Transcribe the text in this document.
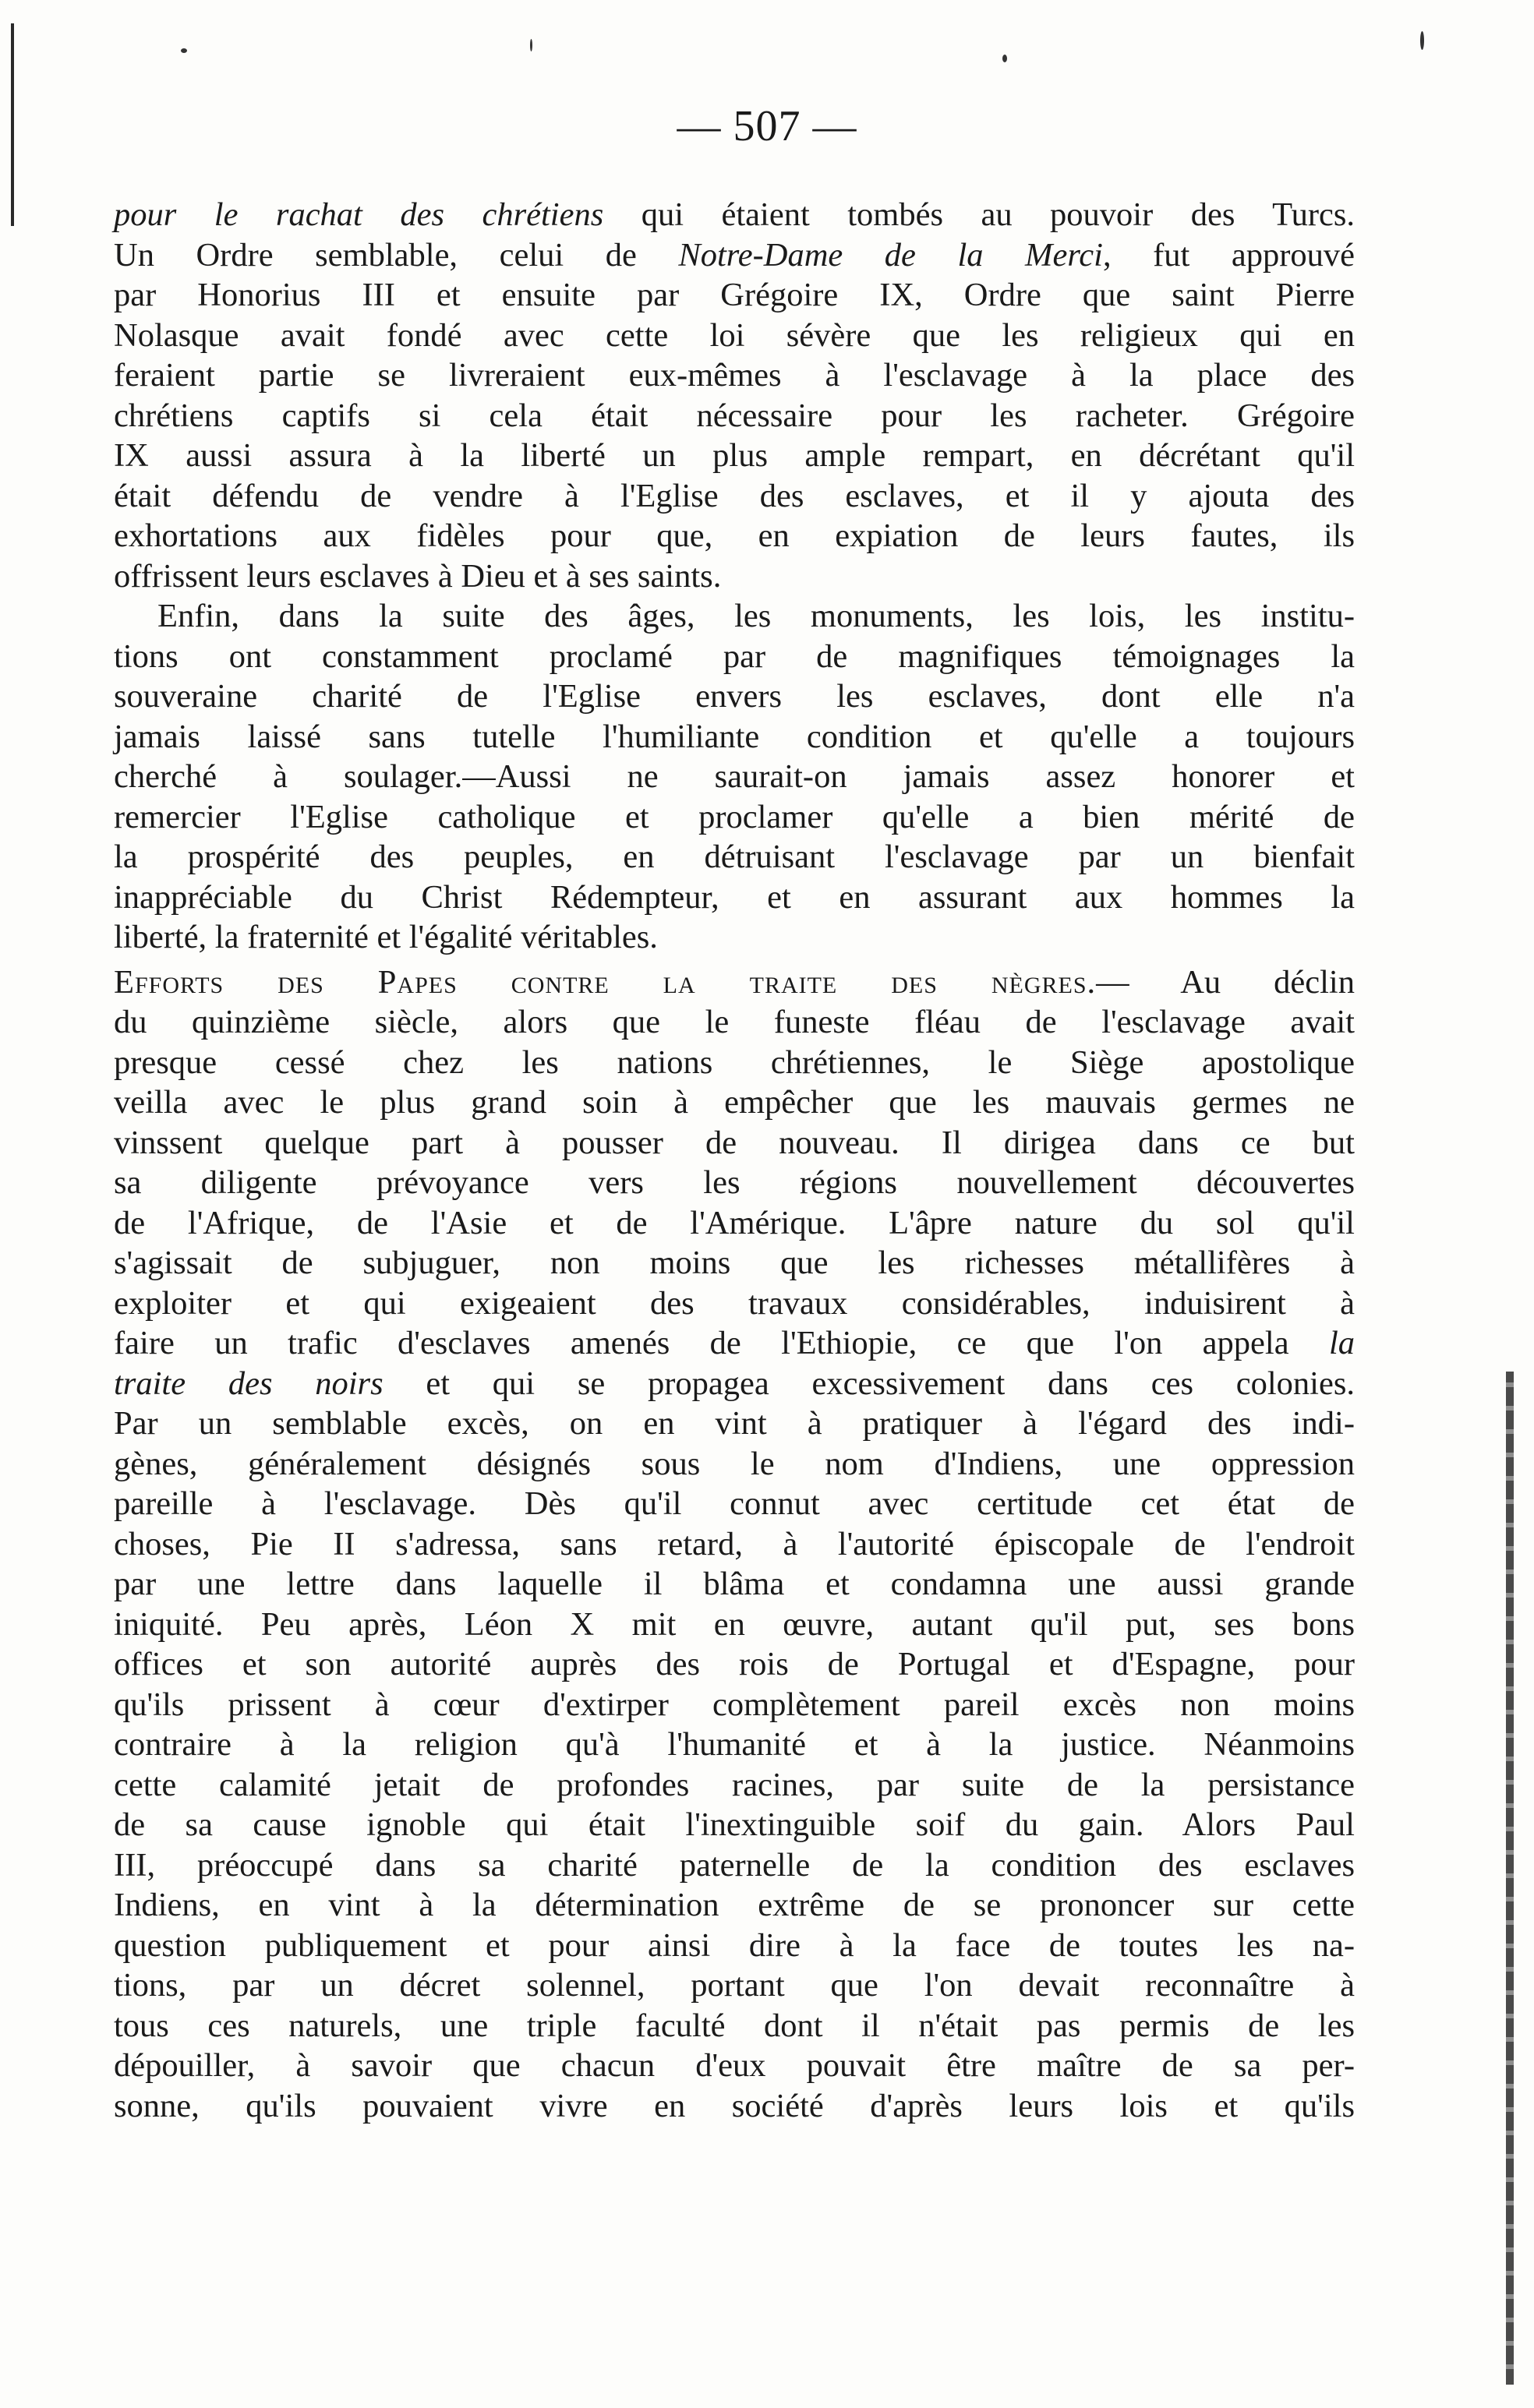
— 507 —

pour le rachat des chrétiens qui étaient tombés au pouvoir des Turcs.
Un Ordre semblable, celui de Notre-Dame de la Merci, fut approuvé
par Honorius III et ensuite par Grégoire IX, Ordre que saint Pierre
Nolasque avait fondé avec cette loi sévère que les religieux qui en
feraient partie se livreraient eux-mêmes à l'esclavage à la place des
chrétiens captifs si cela était nécessaire pour les racheter. Grégoire
IX aussi assura à la liberté un plus ample rempart, en décrétant qu'il
était défendu de vendre à l'Eglise des esclaves, et il y ajouta des
exhortations aux fidèles pour que, en expiation de leurs fautes, ils
offrissent leurs esclaves à Dieu et à ses saints.

Enfin, dans la suite des âges, les monuments, les lois, les institu-
tions ont constamment proclamé par de magnifiques témoignages la
souveraine charité de l'Eglise envers les esclaves, dont elle n'a
jamais laissé sans tutelle l'humiliante condition et qu'elle a toujours
cherché à soulager.—Aussi ne saurait-on jamais assez honorer et
remercier l'Eglise catholique et proclamer qu'elle a bien mérité de
la prospérité des peuples, en détruisant l'esclavage par un bienfait
inappréciable du Christ Rédempteur, et en assurant aux hommes la
liberté, la fraternité et l'égalité véritables.

Efforts des Papes contre la traite des nègres.— Au déclin
du quinzième siècle, alors que le funeste fléau de l'esclavage avait
presque cessé chez les nations chrétiennes, le Siège apostolique
veilla avec le plus grand soin à empêcher que les mauvais germes ne
vinssent quelque part à pousser de nouveau. Il dirigea dans ce but
sa diligente prévoyance vers les régions nouvellement découvertes
de l'Afrique, de l'Asie et de l'Amérique. L'âpre nature du sol qu'il
s'agissait de subjuguer, non moins que les richesses métallifères à
exploiter et qui exigeaient des travaux considérables, induisirent à
faire un trafic d'esclaves amenés de l'Ethiopie, ce que l'on appela la
traite des noirs et qui se propagea excessivement dans ces colonies.
Par un semblable excès, on en vint à pratiquer à l'égard des indi-
gènes, généralement désignés sous le nom d'Indiens, une oppression
pareille à l'esclavage. Dès qu'il connut avec certitude cet état de
choses, Pie II s'adressa, sans retard, à l'autorité épiscopale de l'endroit
par une lettre dans laquelle il blâma et condamna une aussi grande
iniquité. Peu après, Léon X mit en œuvre, autant qu'il put, ses bons
offices et son autorité auprès des rois de Portugal et d'Espagne, pour
qu'ils prissent à cœur d'extirper complètement pareil excès non moins
contraire à la religion qu'à l'humanité et à la justice. Néanmoins
cette calamité jetait de profondes racines, par suite de la persistance
de sa cause ignoble qui était l'inextinguible soif du gain. Alors Paul
III, préoccupé dans sa charité paternelle de la condition des esclaves
Indiens, en vint à la détermination extrême de se prononcer sur cette
question publiquement et pour ainsi dire à la face de toutes les na-
tions, par un décret solennel, portant que l'on devait reconnaître à
tous ces naturels, une triple faculté dont il n'était pas permis de les
dépouiller, à savoir que chacun d'eux pouvait être maître de sa per-
sonne, qu'ils pouvaient vivre en société d'après leurs lois et qu'ils
